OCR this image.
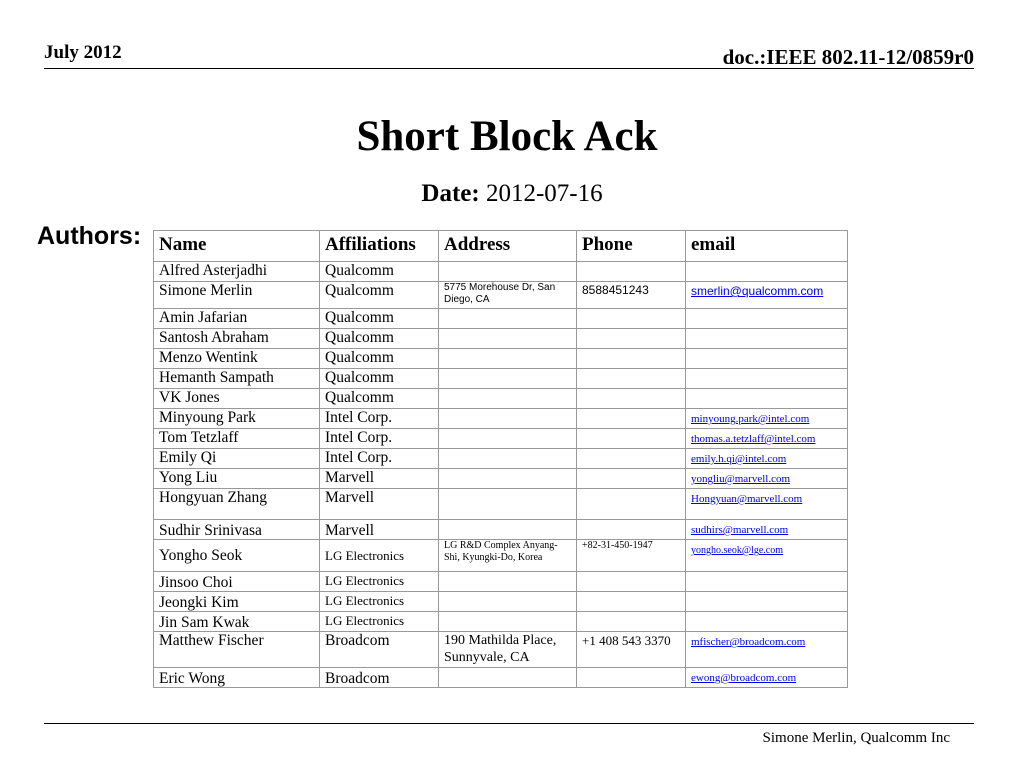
July 2012	doc.:IEEE 802.11-12/0859r0
Short Block Ack
Date: 2012-07-16
Authors: Name	Affiliations	Address	Phone	email
Alfred Asterjadhi	Qualcomm			
Simone Merlin	Qualcomm	5775 Morehouse Dr, San Diego, CA	8588451243	smerlin@qualcomm.com
Amin Jafarian	Qualcomm			
Santosh Abraham	Qualcomm			
Menzo Wentink	Qualcomm			
Hemanth Sampath	Qualcomm			
VK Jones	Qualcomm			
Minyoung Park	Intel Corp.			minyoung.park@intel.com
Tom Tetzlaff	Intel Corp.			thomas.a.tetzlaff@intel.com
Emily Qi	Intel Corp.			emily.h.qi@intel.com
Yong Liu	Marvell			yongliu@marvell.com
Hongyuan Zhang	Marvell			Hongyuan@marvell.com
Sudhir Srinivasa	Marvell			sudhirs@marvell.com
Yongho Seok	LG Electronics	LG R&D Complex Anyang-Shi, Kyungki-Do, Korea	+82-31-450-1947	yongho.seok@lge.com
Jinsoo Choi	LG Electronics			
Jeongki Kim	LG Electronics			
Jin Sam Kwak	LG Electronics			
Matthew Fischer	Broadcom	190 Mathilda Place, Sunnyvale, CA	+1 408 543 3370	mfischer@broadcom.com
Eric Wong	Broadcom			ewong@broadcom.com
Simone Merlin, Qualcomm Inc
